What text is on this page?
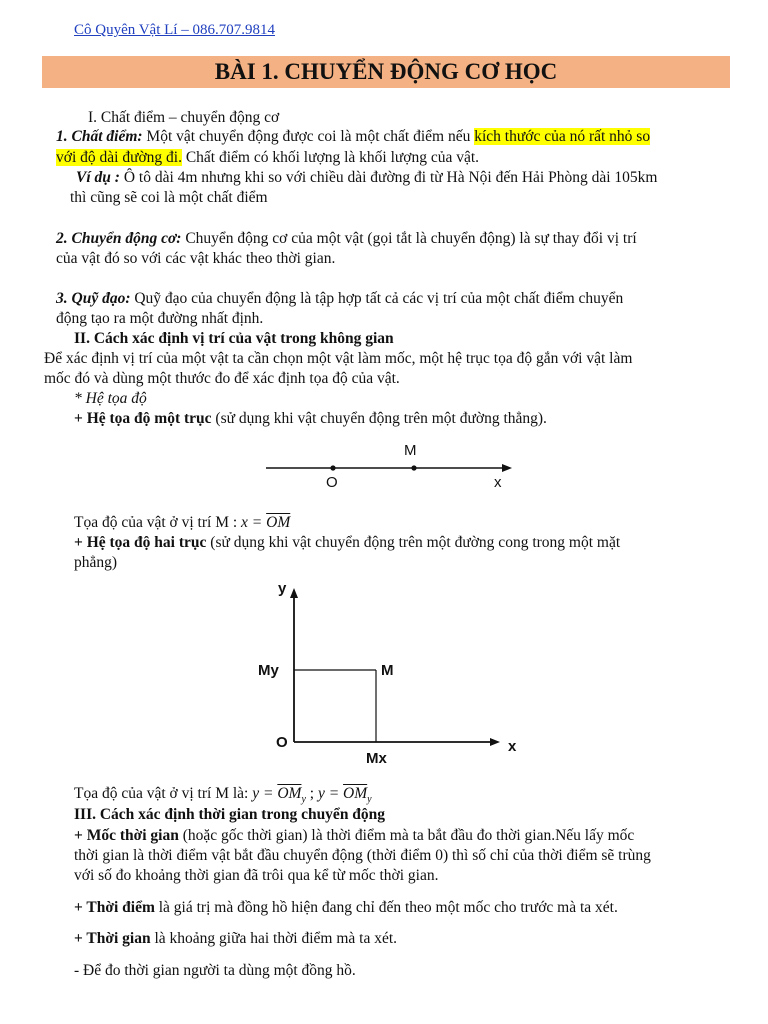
Cô Quyên Vật Lí – 086.707.9814
BÀI 1. CHUYỂN ĐỘNG CƠ HỌC
I. Chất điểm – chuyển động cơ
1. Chất điểm: Một vật chuyển động được coi là một chất điểm nếu kích thước của nó rất nhỏ so
với độ dài đường đi. Chất điểm có khối lượng là khối lượng của vật.
Ví dụ : Ô tô dài 4m nhưng khi so với chiều dài đường đi từ Hà Nội đến Hải Phòng dài 105km
thì cũng sẽ coi là một chất điểm
2. Chuyển động cơ: Chuyển động cơ của một vật (gọi tắt là chuyển động) là sự thay đổi vị trí
của vật đó so với các vật khác theo thời gian.
3. Quỹ đạo: Quỹ đạo của chuyển động là tập hợp tất cả các vị trí của một chất điểm chuyển
động tạo ra một đường nhất định.
II. Cách xác định vị trí của vật trong không gian
Để xác định vị trí của một vật ta cần chọn một vật làm mốc, một hệ trục tọa độ gắn với vật làm
mốc đó và dùng một thước đo để xác định tọa độ của vật.
* Hệ tọa độ
+ Hệ tọa độ một trục (sử dụng khi vật chuyển động trên một đường thẳng).
O
M
x
Tọa độ của vật ở vị trí M : $x = \overline{OM}$
+ Hệ tọa độ hai trục (sử dụng khi vật chuyển động trên một đường cong trong một mặt
phẳng)
y
My	M
O
Mx
x
Tọa độ của vật ở vị trí M là: $y = \overline{OM}_y$ ; $y = \overline{OM}_y$
III. Cách xác định thời gian trong chuyển động
+ Mốc thời gian (hoặc gốc thời gian) là thời điểm mà ta bắt đầu đo thời gian.Nếu lấy mốc
thời gian là thời điểm vật bắt đầu chuyển động (thời điểm 0) thì số chỉ của thời điểm sẽ trùng
với số đo khoảng thời gian đã trôi qua kể từ mốc thời gian.
+ Thời điểm là giá trị mà đồng hồ hiện đang chỉ đến theo một mốc cho trước mà ta xét.
+ Thời gian là khoảng giữa hai thời điểm mà ta xét.
- Để đo thời gian người ta dùng một đồng hồ.
